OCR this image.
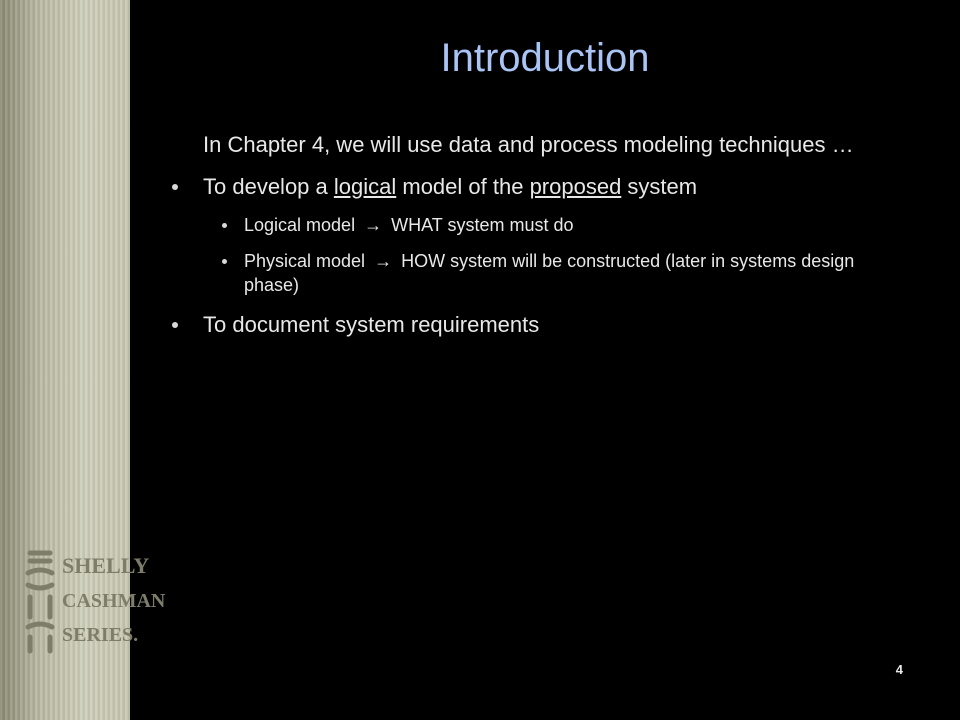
SHELLY
CASHMAN
SERIES.
Introduction

In Chapter 4, we will use data and process modeling techniques …

To develop a logical model of the proposed system
Logical model → WHAT system must do
Physical model → HOW system will be constructed (later in systems design phase)
To document system requirements
4
